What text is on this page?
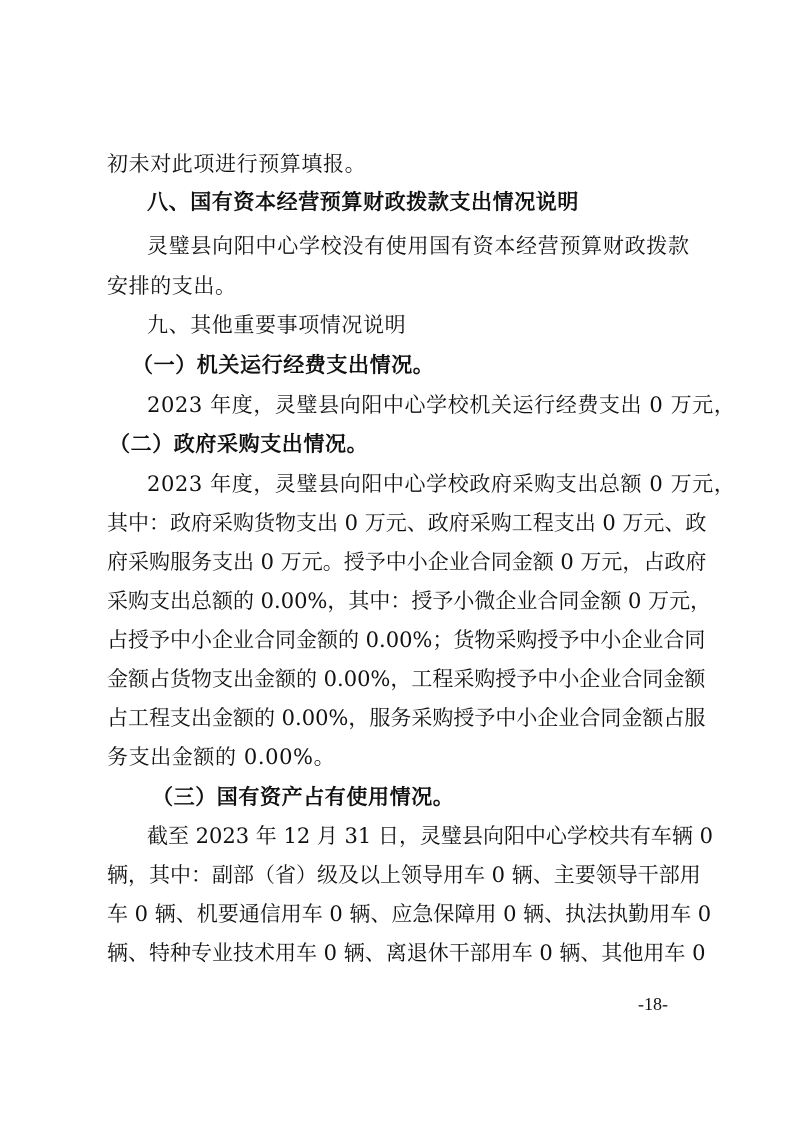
初未对此项进行预算填报。
八、国有资本经营预算财政拨款支出情况说明
灵璧县向阳中心学校没有使用国有资本经营预算财政拨款
安排的支出。
九、其他重要事项情况说明
（一）机关运行经费支出情况。
2023 年度，灵璧县向阳中心学校机关运行经费支出 0 万元，
（二）政府采购支出情况。
2023 年度，灵璧县向阳中心学校政府采购支出总额 0 万元，
其中：政府采购货物支出 0 万元、政府采购工程支出 0 万元、政
府采购服务支出 0 万元。授予中小企业合同金额 0 万元，占政府
采购支出总额的 0.00%，其中：授予小微企业合同金额 0 万元，
占授予中小企业合同金额的 0.00%；货物采购授予中小企业合同
金额占货物支出金额的 0.00%，工程采购授予中小企业合同金额
占工程支出金额的 0.00%，服务采购授予中小企业合同金额占服
务支出金额的 0.00%。
（三）国有资产占有使用情况。
截至 2023 年 12 月 31 日，灵璧县向阳中心学校共有车辆 0
辆，其中：副部（省）级及以上领导用车 0 辆、主要领导干部用
车 0 辆、机要通信用车 0 辆、应急保障用 0 辆、执法执勤用车 0
辆、特种专业技术用车 0 辆、离退休干部用车 0 辆、其他用车 0
-18-
